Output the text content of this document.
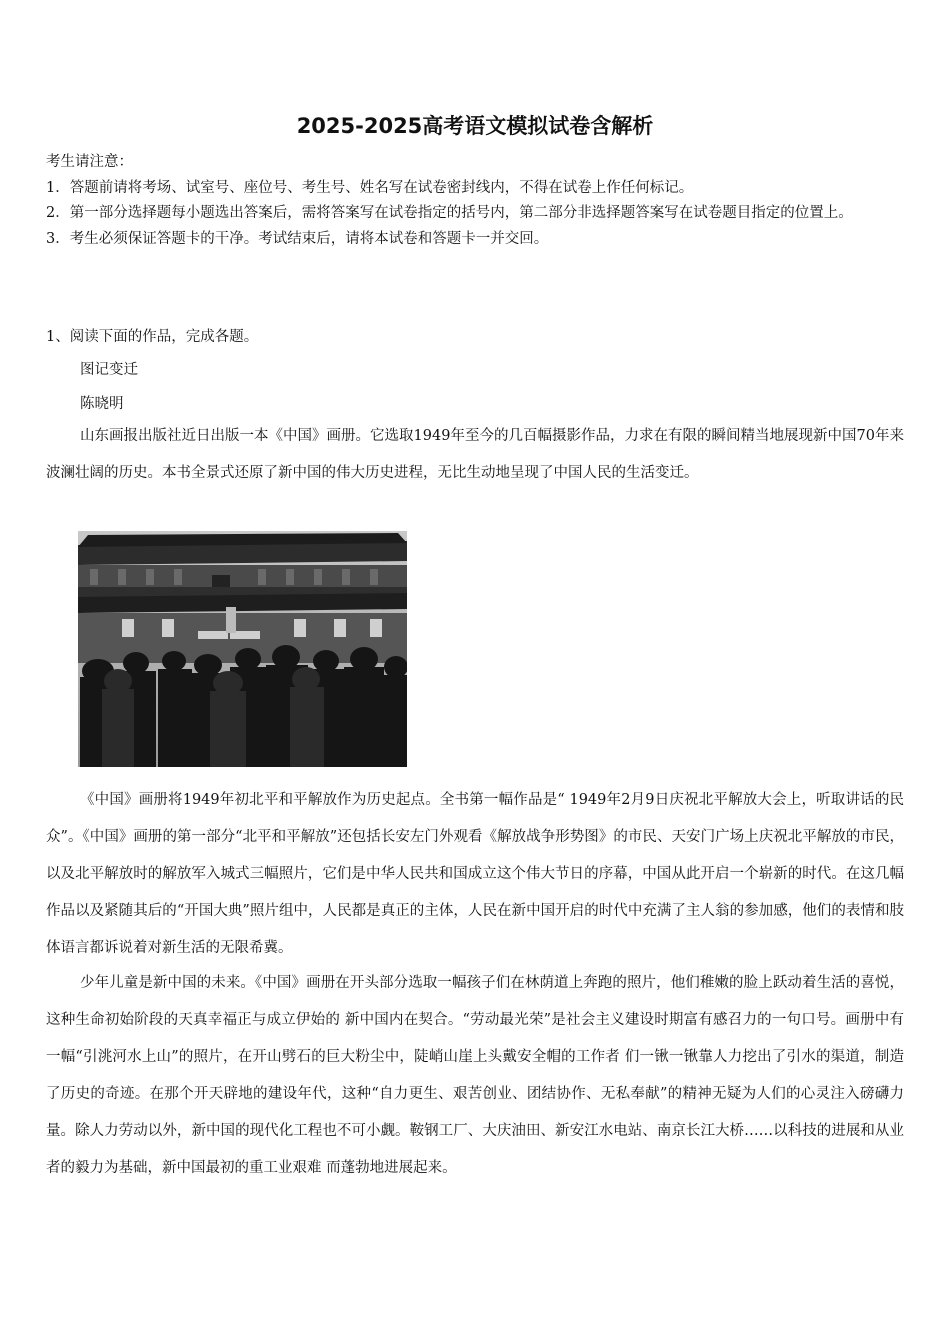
2025-2025高考语文模拟试卷含解析

考生请注意：

1．答题前请将考场、试室号、座位号、考生号、姓名写在试卷密封线内，不得在试卷上作任何标记。

2．第一部分选择题每小题选出答案后，需将答案写在试卷指定的括号内，第二部分非选择题答案写在试卷题目指定的位置上。

3．考生必须保证答题卡的干净。考试结束后，请将本试卷和答题卡一并交回。

1、阅读下面的作品，完成各题。
图记变迁
陈晓明

山东画报出版社近日出版一本《中国》画册。它选取1949年至今的几百幅摄影作品，力求在有限的瞬间精当地展现新中国70年来波澜壮阔的历史。本书全景式还原了新中国的伟大历史进程，无比生动地呈现了中国人民的生活变迁。

《中国》画册将1949年初北平和平解放作为历史起点。全书第一幅作品是“ 1949年2月9日庆祝北平解放大会上，听取讲话的民众”。《中国》画册的第一部分“北平和平解放”还包括长安左门外观看《解放战争形势图》的市民、天安门广场上庆祝北平解放的市民，以及北平解放时的解放军入城式三幅照片，它们是中华人民共和国成立这个伟大节日的序幕，中国从此开启一个崭新的时代。在这几幅作品以及紧随其后的“开国大典”照片组中，人民都是真正的主体，人民在新中国开启的时代中充满了主人翁的参加感，他们的表情和肢体语言都诉说着对新生活的无限希冀。

少年儿童是新中国的未来。《中国》画册在开头部分选取一幅孩子们在林荫道上奔跑的照片，他们稚嫩的脸上跃动着生活的喜悦，这种生命初始阶段的天真幸福正与成立伊始的 新中国内在契合。“劳动最光荣”是社会主义建设时期富有感召力的一句口号。画册中有一幅“引洮河水上山”的照片，在开山劈石的巨大粉尘中，陡峭山崖上头戴安全帽的工作者 们一锹一锹靠人力挖出了引水的渠道，制造了历史的奇迹。在那个开天辟地的建设年代，这种“自力更生、艰苦创业、团结协作、无私奉献”的精神无疑为人们的心灵注入磅礴力量。除人力劳动以外，新中国的现代化工程也不可小觑。鞍钢工厂、大庆油田、新安江水电站、南京长江大桥……以科技的进展和从业者的毅力为基础，新中国最初的重工业艰难 而蓬勃地进展起来。
